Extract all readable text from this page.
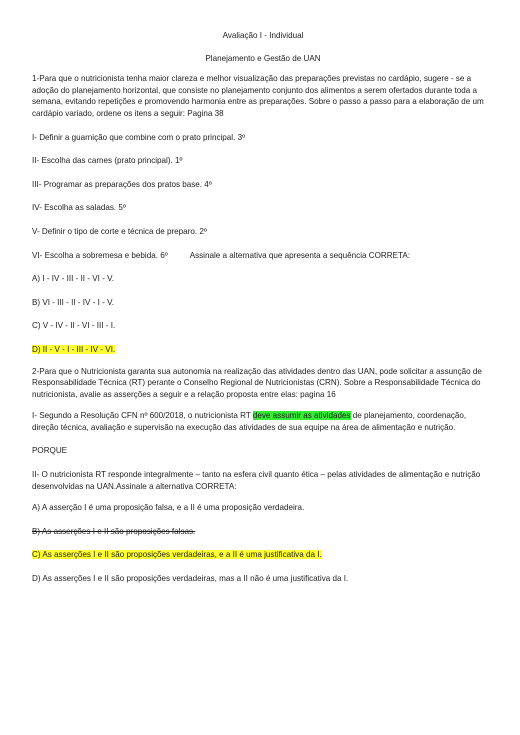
Avaliação I - Individual

Planejamento e Gestão de UAN

1-Para que o nutricionista tenha maior clareza e melhor visualização das preparações previstas no cardápio, sugere - se a adoção do planejamento horizontal, que consiste no planejamento conjunto dos alimentos a serem ofertados durante toda a semana, evitando repetições e promovendo harmonia entre as preparações. Sobre o passo a passo para a elaboração de um cardápio variado, ordene os itens a seguir: Pagina 38

I- Definir a guarnição que combine com o prato principal. 3º

II- Escolha das carnes (prato principal). 1º

III- Programar as preparações dos pratos base. 4º

IV- Escolha as saladas. 5º

V- Definir o tipo de corte e técnica de preparo. 2º

VI- Escolha a sobremesa e bebida. 6º	Assinale a alternativa que apresenta a sequência CORRETA:

A) I - IV - III - II - VI - V.

B) VI - III - II - IV - I - V.

C) V - IV - II - VI - III - I.

D) II - V - I - III - IV - VI.

2-Para que o Nutricionista garanta sua autonomia na realização das atividades dentro das UAN, pode solicitar a assunção de Responsabilidade Técnica (RT) perante o Conselho Regional de Nutricionistas (CRN). Sobre a Responsabilidade Técnica do nutricionista, avalie as asserções a seguir e a relação proposta entre elas: pagina 16

I- Segundo a Resolução CFN nº 600/2018, o nutricionista RT deve assumir as atividades de planejamento, coordenação, direção técnica, avaliação e supervisão na execução das atividades de sua equipe na área de alimentação e nutrição.

PORQUE

II- O nutricionista RT responde integralmente – tanto na esfera civil quanto ética – pelas atividades de alimentação e nutrição desenvolvidas na UAN.Assinale a alternativa CORRETA:

A) A asserção I é uma proposição falsa, e a II é uma proposição verdadeira.

B) As asserções I e II são proposições falsas.

C) As asserções I e II são proposições verdadeiras, e a II é uma justificativa da I.

D) As asserções I e II são proposições verdadeiras, mas a II não é uma justificativa da I.
